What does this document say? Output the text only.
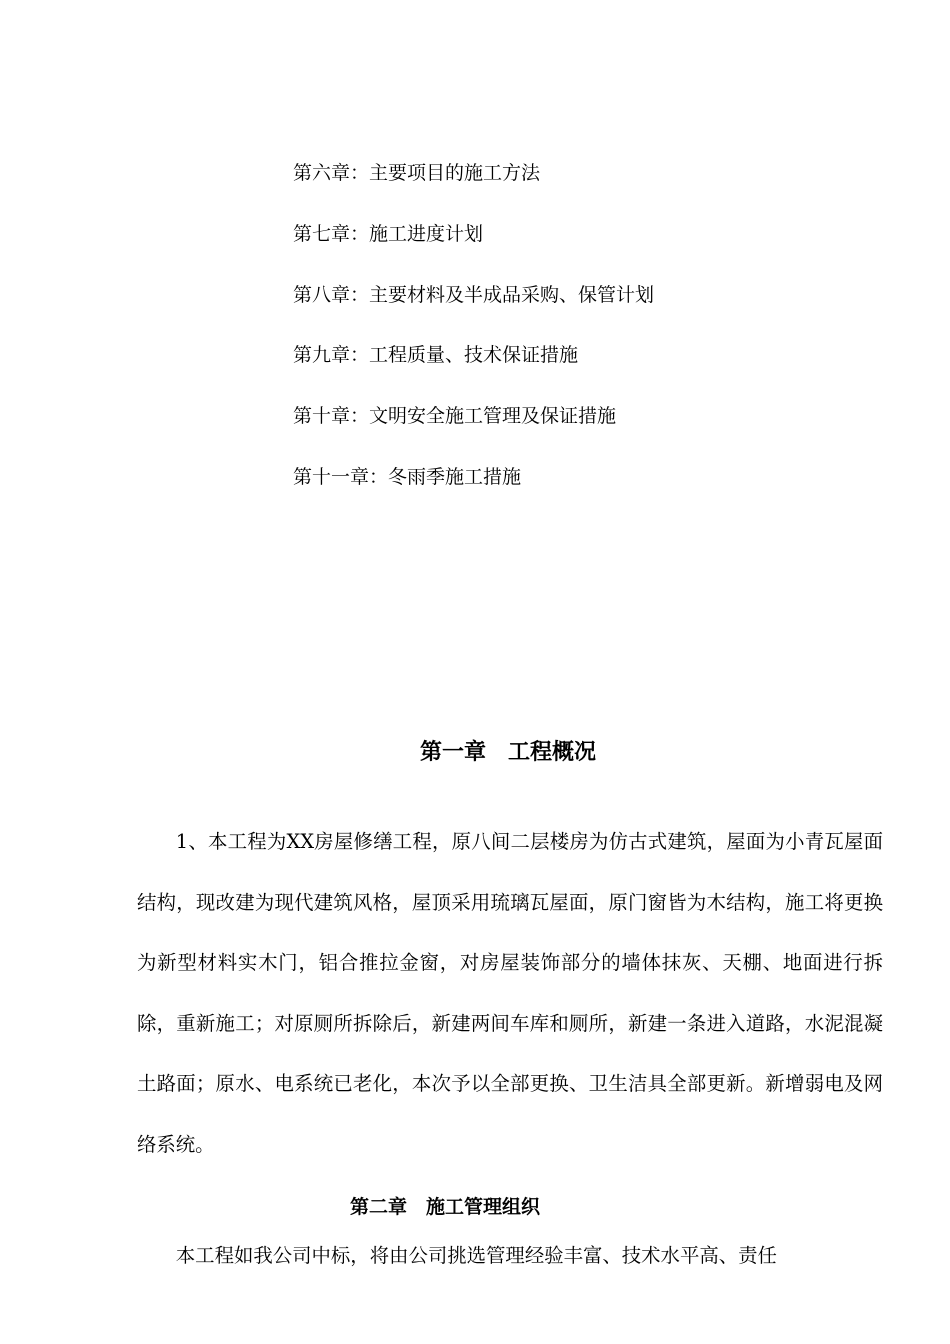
第六章：主要项目的施工方法
第七章：施工进度计划
第八章：主要材料及半成品采购、保管计划
第九章：工程质量、技术保证措施
第十章：文明安全施工管理及保证措施
第十一章：冬雨季施工措施
第一章　工程概况
1、本工程为XX房屋修缮工程，原八间二层楼房为仿古式建筑，屋面为小青瓦屋面结构，现改建为现代建筑风格，屋顶采用琉璃瓦屋面，原门窗皆为木结构，施工将更换为新型材料实木门，铝合推拉金窗，对房屋装饰部分的墙体抹灰、天棚、地面进行拆除，重新施工；对原厕所拆除后，新建两间车库和厕所，新建一条进入道路，水泥混凝土路面；原水、电系统已老化，本次予以全部更换、卫生洁具全部更新。新增弱电及网络系统。
第二章　施工管理组织
本工程如我公司中标，将由公司挑选管理经验丰富、技术水平高、责任
